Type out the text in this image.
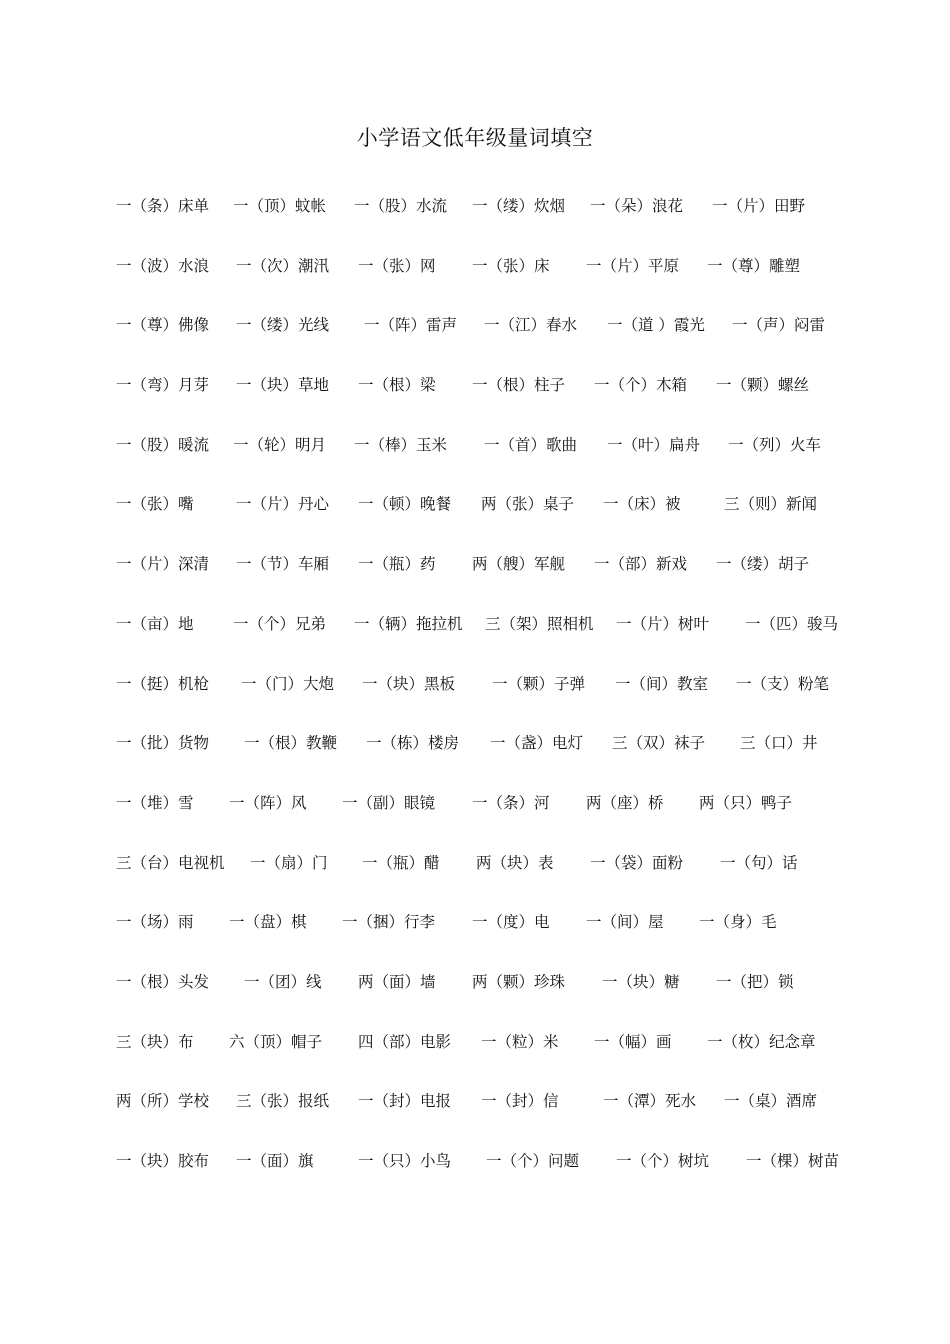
小学语文低年级量词填空
一（条）床单 一（顶）蚊帐 一（股）水流 一（缕）炊烟 一（朵）浪花 一（片）田野
一（波）水浪 一（次）潮汛 一（张）网 一（张）床 一（片）平原 一（尊）雕塑
一（尊）佛像 一（缕）光线 一（阵）雷声 一（江）春水 一（道 ）霞光 一（声）闷雷
一（弯）月芽 一（块）草地 一（根）梁 一（根）柱子 一（个）木箱 一（颗）螺丝
一（股）暖流 一（轮）明月 一（棒）玉米 一（首）歌曲 一（叶）扁舟 一（列）火车
一（张）嘴	一（片）丹心 一（顿）晚餐 两（张）桌子 一（床）被	三（则）新闻
一（片）深清 一（节）车厢 一（瓶）药 两（艘）军舰 一（部）新戏 一（缕）胡子
一（亩）地	一（个）兄弟 一（辆）拖拉机 三（架）照相机 一（片）树叶 一（匹）骏马
一（挺）机枪 一（门）大炮 一（块）黑板 一（颗）子弹 一（间）教室 一（支）粉笔
一（批）货物 一（根）教鞭 一（栋）楼房 一（盏）电灯 三（双）袜子 三（口）井
一（堆）雪 一（阵）风 一（副）眼镜 一（条）河 两（座）桥 两（只）鸭子
三（台）电视机 一（扇）门 一（瓶）醋 两（块）表 一（袋）面粉 一（句）话
一（场）雨 一（盘）棋 一（捆）行李 一（度）电 一（间）屋 一（身）毛
一（根）头发 一（团）线 两（面）墙 两（颗）珍珠 一（块）糖 一（把）锁
三（块）布 六（顶）帽子 四（部）电影 一（粒）米 一（幅）画 一（枚）纪念章
两（所）学校 三（张）报纸 一（封）电报 一（封）信	一（潭）死水 一（桌）酒席
一（块）胶布 一（面）旗	一（只）小鸟 一（个）问题 一（个）树坑 一（棵）树苗
